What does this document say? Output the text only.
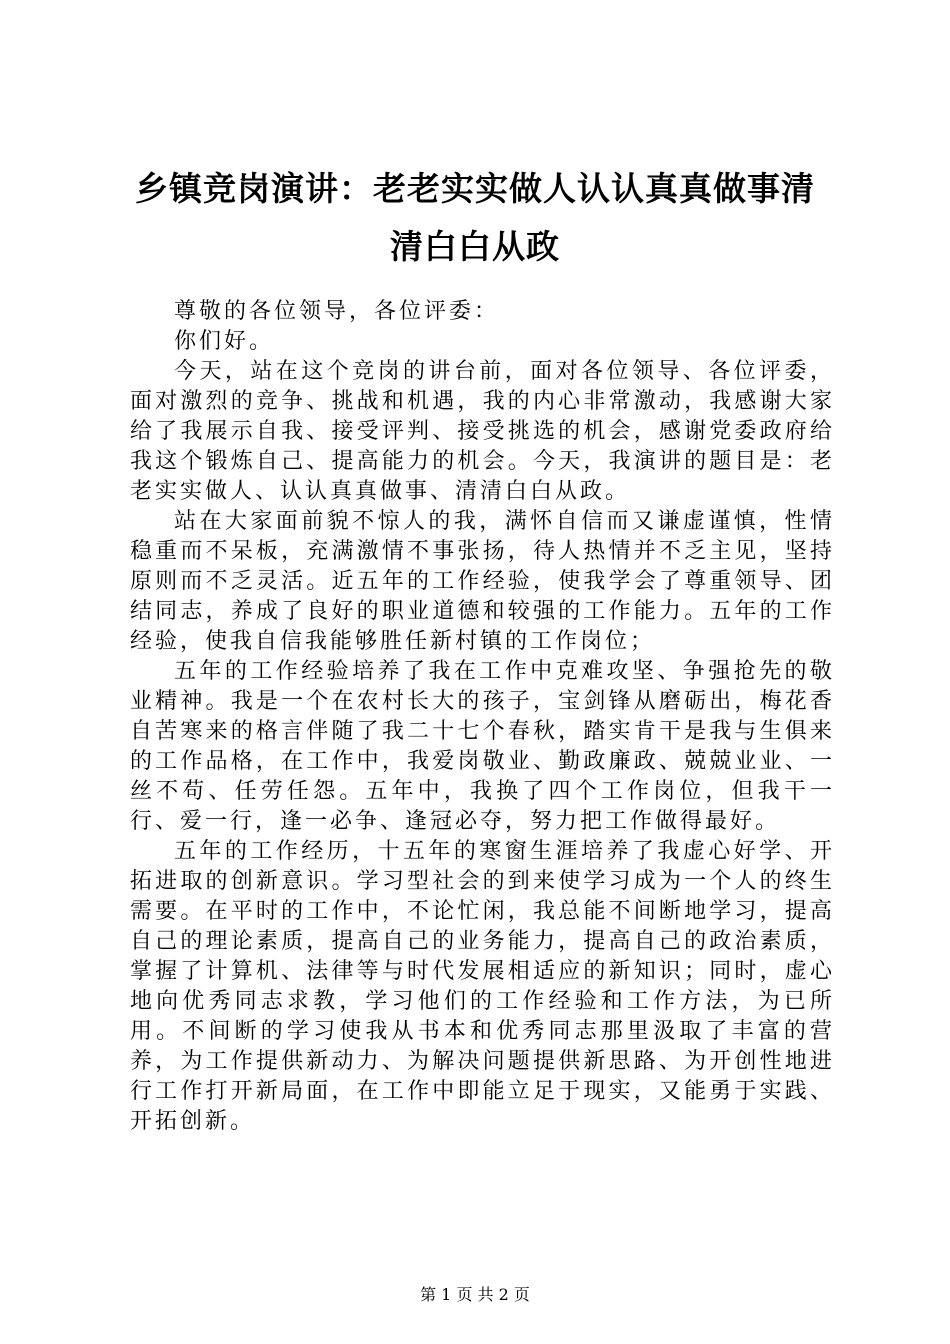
乡镇竞岗演讲：老老实实做人认认真真做事清
清白白从政

尊敬的各位领导，各位评委：

你们好。

今天，站在这个竞岗的讲台前，面对各位领导、各位评委，面对激烈的竞争、挑战和机遇，我的内心非常激动，我感谢大家给了我展示自我、接受评判、接受挑选的机会，感谢党委政府给我这个锻炼自己、提高能力的机会。今天，我演讲的题目是：老老实实做人、认认真真做事、清清白白从政。

站在大家面前貌不惊人的我，满怀自信而又谦虚谨慎，性情稳重而不呆板，充满激情不事张扬，待人热情并不乏主见，坚持原则而不乏灵活。近五年的工作经验，使我学会了尊重领导、团结同志，养成了良好的职业道德和较强的工作能力。五年的工作经验，使我自信我能够胜任新村镇的工作岗位；

五年的工作经验培养了我在工作中克难攻坚、争强抢先的敬业精神。我是一个在农村长大的孩子，宝剑锋从磨砺出，梅花香自苦寒来的格言伴随了我二十七个春秋，踏实肯干是我与生俱来的工作品格，在工作中，我爱岗敬业、勤政廉政、兢兢业业、一丝不苟、任劳任怨。五年中，我换了四个工作岗位，但我干一行、爱一行，逢一必争、逢冠必夺，努力把工作做得最好。

五年的工作经历，十五年的寒窗生涯培养了我虚心好学、开拓进取的创新意识。学习型社会的到来使学习成为一个人的终生需要。在平时的工作中，不论忙闲，我总能不间断地学习，提高自己的理论素质，提高自己的业务能力，提高自己的政治素质，掌握了计算机、法律等与时代发展相适应的新知识；同时，虚心地向优秀同志求教，学习他们的工作经验和工作方法，为已所用。不间断的学习使我从书本和优秀同志那里汲取了丰富的营养，为工作提供新动力、为解决问题提供新思路、为开创性地进行工作打开新局面，在工作中即能立足于现实，又能勇于实践、开拓创新。

第 1 页 共 2 页
